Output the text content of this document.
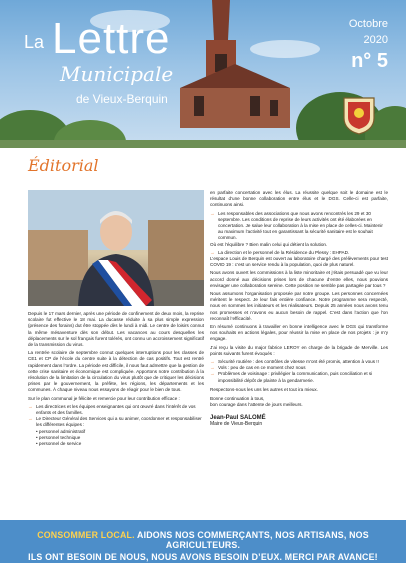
La Lettre
Municipale
de Vieux-Berquin
Octobre
2020
n° 5
Éditorial

Depuis le 17 mars dernier, après une période de confinement de deux mois, la reprise scolaire fut effective le 18 mai. La ducasse réduite à sa plus simple expression (présence des forains) dut être stoppée dès le lundi à midi. Le centre de loisirs connut la même mésaventure dès son début. Les vacances au cours desquelles les déplacements sur le sol français furent tolérés, ont connu un accroissement significatif de la transmission du virus.

La rentrée scolaire de septembre connut quelques interruptions pour les classes de CE1 et CP de l’école du centre suite à la détection de cas positifs. Tout est rentré rapidement dans l’ordre. La période est difficile, il nous faut admettre que la gestion de cette crise sanitaire et économique est compliquée. Apportons notre contribution à la résolution de la limitation de la circulation du virus plutôt que de critiquer les décisions prises par le gouvernement, la préfète, les régions, les départements et les communes. À chaque niveau nous essayons de réagir pour le bien de tous.

Sur le plan communal je félicite et remercie pour leur contribution efficace :

→ Les directrices et les équipes enseignantes qui ont œuvré dans l’intérêt de vos enfants et des familles.
→ Le Directeur Général des Services qui a su animer, coordonner et responsabiliser les différentes équipes :
• personnel administratif
• personnel technique
• personnel de service

en parfaite concertation avec les élus. La réussite quelque soit le domaine est le résultat d’une bonne collaboration entre élus et le DGS. Celle-ci est parfaite, continuons ainsi.

→ Les responsables des associations que nous avons rencontrés les 29 et 30 septembre. Les conditions de reprise de leurs activités ont été élaborées en concertation. Je salue leur collaboration à la mise en place de celles-ci. Maintenir au maximum l’activité tout en garantissant la sécurité sanitaire est le souhait commun.

Où est l’équilibre ? Bien malin celui qui détient la solution.

→ La direction et le personnel de la Résidence du Plessy : EHPAD.

L’espace Louis de Berquin est ouvert au laboratoire chargé des prélèvements pour test COVID 19 : c’est un service rendu à la population, quoi de plus naturel.

Nous avons ouvert les commissions à la liste minoritaire et j’étais persuadé que vu leur accord donné aux décisions prises lors de chacune d’entre elles, nous pouvions envisager une collaboration sereine. Cette position ne semble pas partagée par tous ?

Nous assumons l’organisation proposée par notre groupe. Les personnes concernées méritent le respect. Je leur fais entière confiance. Notre programme sera respecté, nous en sommes les initiateurs et les réalisateurs. Depuis 25 années nous avons tenu nos promesses et n’avons eu aucun besoin de rappel. C’est dans l’action que l’on reconnaît l’efficacité.

En résumé continuons à travailler en bonne intelligence avec le DGS qui transforme nos souhaits en actions légales, pour réussir la mise en place de nos projets : je m’y engage.

J’ai reçu la visite du major fabrice LEROY en charge de la brigade de Merville. Les points suivants furent évoqués :

→ Sécurité routière : des contrôles de vitesse m’ont été promis, attention à vous !!
→ Vols : peu de cas en ce moment chez nous
→ Problèmes de voisinage : privilégier la communication, puis conciliation et si impossibilité dépôt de plainte à la gendarmerie.

Respectons-nous les uns les autres et tout ira mieux.

Bonne continuation à tous,

bon courage dans l’attente de jours meilleurs.

Jean-Paul SALOMÉ
Maire de Vieux-Berquin
CONSOMMER LOCAL. AIDONS NOS COMMERÇANTS, NOS ARTISANS, NOS AGRICULTEURS.
ILS ONT BESOIN DE NOUS, NOUS AVONS BESOIN D’EUX. MERCI PAR AVANCE!
